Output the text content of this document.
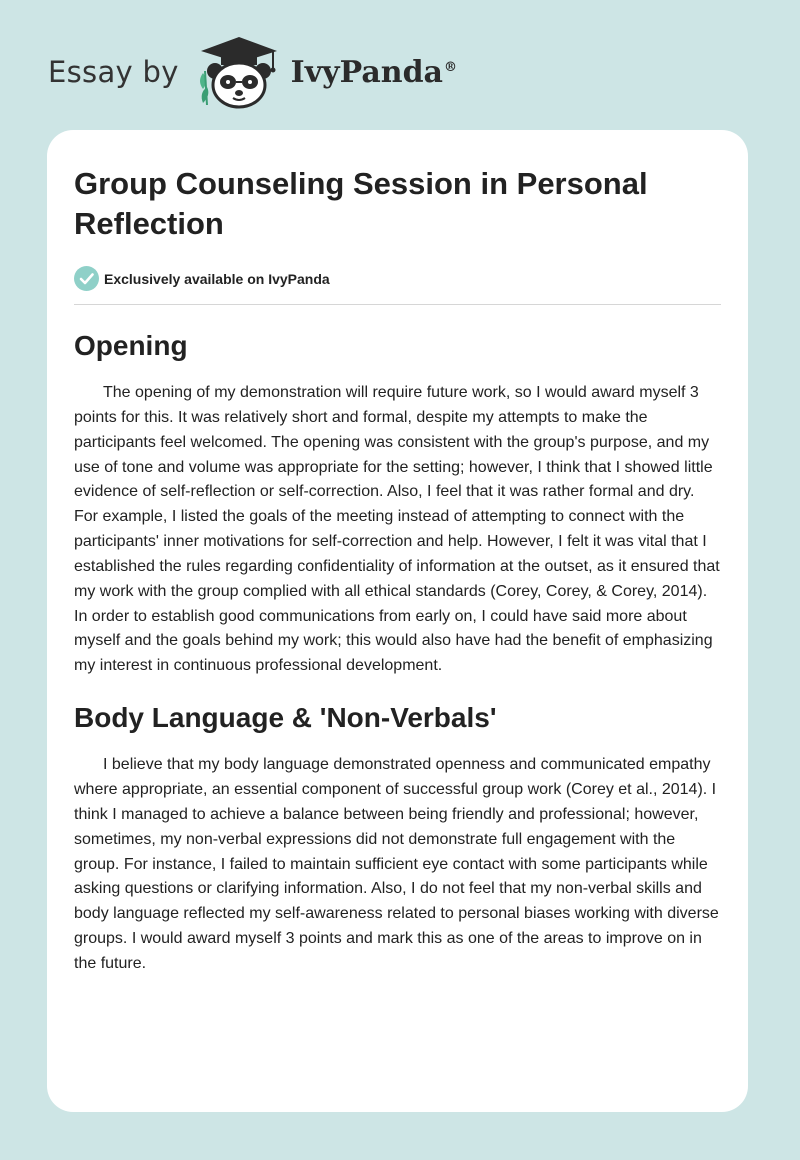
Essay by	IvyPanda®
Group Counseling Session in Personal Reflection
Exclusively available on IvyPanda
Opening

The opening of my demonstration will require future work, so I would award myself 3 points for this. It was relatively short and formal, despite my attempts to make the participants feel welcomed. The opening was consistent with the group's purpose, and my use of tone and volume was appropriate for the setting; however, I think that I showed little evidence of self-reflection or self-correction. Also, I feel that it was rather formal and dry. For example, I listed the goals of the meeting instead of attempting to connect with the participants' inner motivations for self-correction and help. However, I felt it was vital that I established the rules regarding confidentiality of information at the outset, as it ensured that my work with the group complied with all ethical standards (Corey, Corey, & Corey, 2014). In order to establish good communications from early on, I could have said more about myself and the goals behind my work; this would also have had the benefit of emphasizing my interest in continuous professional development.

Body Language & 'Non-Verbals'

I believe that my body language demonstrated openness and communicated empathy where appropriate, an essential component of successful group work (Corey et al., 2014). I think I managed to achieve a balance between being friendly and professional; however, sometimes, my non-verbal expressions did not demonstrate full engagement with the group. For instance, I failed to maintain sufficient eye contact with some participants while asking questions or clarifying information. Also, I do not feel that my non-verbal skills and body language reflected my self-awareness related to personal biases working with diverse groups. I would award myself 3 points and mark this as one of the areas to improve on in the future.
